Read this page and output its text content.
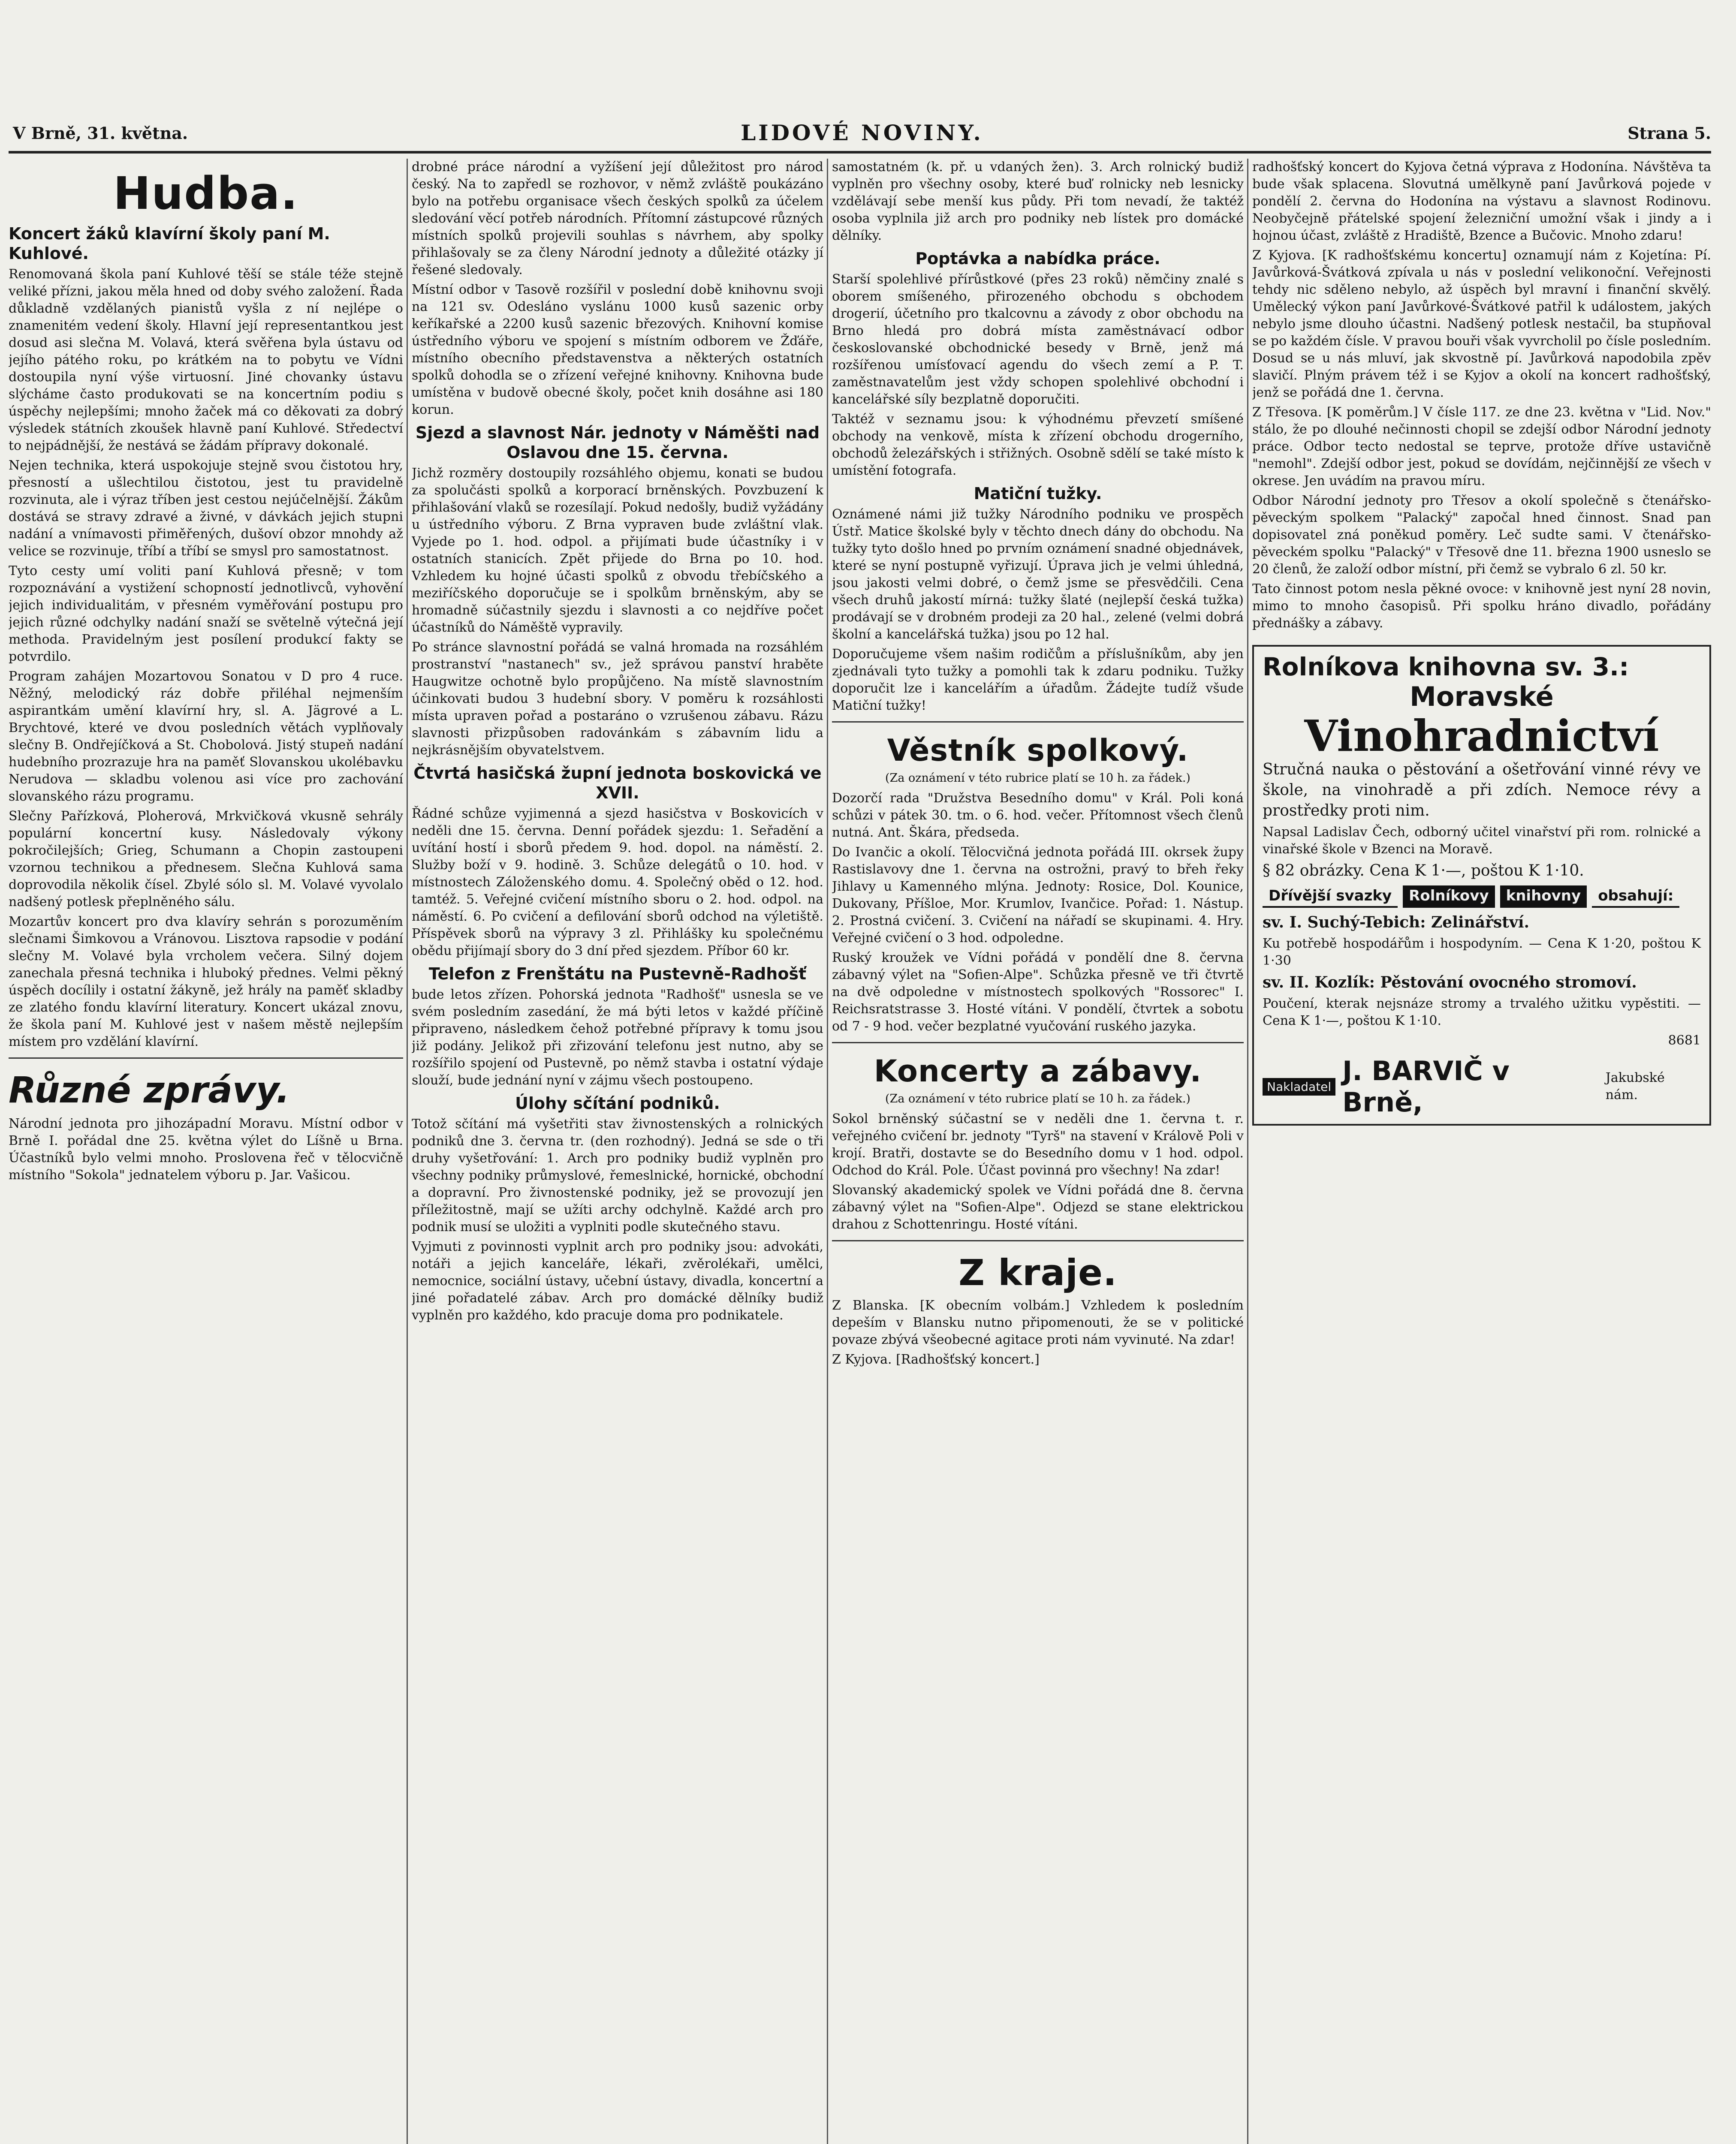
V Brně, 31. května.	LIDOVÉ NOVINY.	Strana 5.
Hudba.
Koncert žáků klavírní školy paní M. Kuhlové.

Renomovaná škola paní Kuhlové těší se stále téže stejně veliké přízni, jakou měla hned od doby svého založení. Řada důkladně vzdělaných pianistů vyšla z ní nejlépe o znamenitém vedení školy. Hlavní její representantkou jest dosud asi slečna M. Volavá, která svěřena byla ústavu od jejího pátého roku, po krátkém na to pobytu ve Vídni dostoupila nyní výše virtuosní. Jiné chovanky ústavu slýcháme často produkovati se na koncertním podiu s úspěchy nejlepšími; mnoho žaček má co děkovati za dobrý výsledek státních zkoušek hlavně paní Kuhlové. Středectví to nejpádnější, že nestává se žádám přípravy dokonalé.

Nejen technika, která uspokojuje stejně svou čistotou hry, přesností a ušlechtilou čistotou, jest tu pravidelně rozvinuta, ale i výraz tříben jest cestou nejúčelnější. Žákům dostává se stravy zdravé a živné, v dávkách jejich stupni nadání a vnímavosti přiměřených, dušoví obzor mnohdy až velice se rozvinuje, tříbí a tříbí se smysl pro samostatnost.

Tyto cesty umí voliti paní Kuhlová přesně; v tom rozpoznávání a vystižení schopností jednotlivců, vyhovění jejich individualitám, v přesném vyměřování postupu pro jejich různé odchylky nadání snaží se světelně výtečná její methoda. Pravidelným jest posílení produkcí fakty se potvrdilo.

Program zahájen Mozartovou Sonatou v D pro 4 ruce. Něžný, melodický ráz dobře přiléhal nejmenším aspirantkám umění klavírní hry, sl. A. Jägrové a L. Brychtové, které ve dvou posledních větách vyplňovaly slečny B. Ondřejíčková a St. Chobolová. Jistý stupeň nadání hudebního prozrazuje hra na paměť Slovanskou ukolébavku Nerudova — skladbu volenou asi více pro zachování slovanského rázu programu.

Slečny Pařízková, Ploherová, Mrkvičková vkusně sehrály populární koncertní kusy. Následovaly výkony pokročilejších; Grieg, Schumann a Chopin zastoupeni vzornou technikou a přednesem. Slečna Kuhlová sama doprovodila několik čísel. Zbylé sólo sl. M. Volavé vyvolalo nadšený potlesk přeplněného sálu.

Mozartův koncert pro dva klavíry sehrán s porozuměním slečnami Šimkovou a Vránovou. Lisztova rapsodie v podání slečny M. Volavé byla vrcholem večera. Silný dojem zanechala přesná technika i hluboký přednes. Velmi pěkný úspěch docílily i ostatní žákyně, jež hrály na paměť skladby ze zlatého fondu klavírní literatury. Koncert ukázal znovu, že škola paní M. Kuhlové jest v našem městě nejlepším místem pro vzdělání klavírní.

Různé zprávy.

Národní jednota pro jihozápadní Moravu. Místní odbor v Brně I. pořádal dne 25. května výlet do Líšně u Brna. Účastníků bylo velmi mnoho. Proslovena řeč v tělocvičně místního "Sokola" jednatelem výboru p. Jar. Vašicou.

drobné práce národní a vyžíšení její důležitost pro národ český. Na to zapředl se rozhovor, v němž zvláště poukázáno bylo na potřebu organisace všech českých spolků za účelem sledování věcí potřeb národních. Přítomní zástupcové různých místních spolků projevili souhlas s návrhem, aby spolky přihlašovaly se za členy Národní jednoty a důležité otázky jí řešené sledovaly.

Místní odbor v Tasově rozšířil v poslední době knihovnu svoji na 121 sv. Odesláno vyslánu 1000 kusů sazenic orby keříkařské a 2200 kusů sazenic březových. Knihovní komise ústředního výboru ve spojení s místním odborem ve Žďáře, místního obecního představenstva a některých ostatních spolků dohodla se o zřízení veřejné knihovny. Knihovna bude umístěna v budově obecné školy, počet knih dosáhne asi 180 korun.

Sjezd a slavnost Nár. jednoty v Náměšti nad Oslavou dne 15. června.

Jichž rozměry dostoupily rozsáhlého objemu, konati se budou za spolučásti spolků a korporací brněnských. Povzbuzení k přihlašování vlaků se rozesílají. Pokud nedošly, budiž vyžádány u ústředního výboru. Z Brna vypraven bude zvláštní vlak. Vyjede po 1. hod. odpol. a přijímati bude účastníky i v ostatních stanicích. Zpět přijede do Brna po 10. hod. Vzhledem ku hojné účasti spolků z obvodu třebíčského a meziříčského doporučuje se i spolkům brněnským, aby se hromadně súčastnily sjezdu i slavnosti a co nejdříve počet účastníků do Náměště vypravily.

Po stránce slavnostní pořádá se valná hromada na rozsáhlém prostranství "nastanech" sv., jež správou panství hraběte Haugwitze ochotně bylo propůjčeno. Na místě slavnostním účinkovati budou 3 hudební sbory. V poměru k rozsáhlosti místa upraven pořad a postaráno o vzrušenou zábavu. Rázu slavnosti přizpůsoben radovánkám s zábavním lidu a nejkrásnějším obyvatelstvem.

Čtvrtá hasičská župní jednota boskovická ve XVII.

Řádné schůze vyjimenná a sjezd hasičstva v Boskovicích v neděli dne 15. června. Denní pořádek sjezdu: 1. Seřadění a uvítání hostí i sborů předem 9. hod. dopol. na náměstí. 2. Služby boží v 9. hodině. 3. Schůze delegátů o 10. hod. v místnostech Záloženského domu. 4. Společný oběd o 12. hod. tamtéž. 5. Veřejné cvičení místního sboru o 2. hod. odpol. na náměstí. 6. Po cvičení a defilování sborů odchod na výletiště. Příspěvek sborů na výpravy 3 zl. Přihlášky ku společnému obědu přijímají sbory do 3 dní před sjezdem. Příbor 60 kr.

Telefon z Frenštátu na Pustevně-Radhošť

bude letos zřízen. Pohorská jednota "Radhošť" usnesla se ve svém posledním zasedání, že má býti letos v každé příčině připraveno, následkem čehož potřebné přípravy k tomu jsou již podány. Jelikož při zřizování telefonu jest nutno, aby se rozšířilo spojení od Pustevně, po němž stavba i ostatní výdaje slouží, bude jednání nyní v zájmu všech postoupeno.

Úlohy sčítání podniků.

Totož sčítání má vyšetřiti stav živnostenských a rolnických podniků dne 3. června tr. (den rozhodný). Jedná se sde o tři druhy vyšetřování: 1. Arch pro podniky budiž vyplněn pro všechny podniky průmyslové, řemeslnické, hornické, obchodní a dopravní. Pro živnostenské podniky, jež se provozují jen příležitostně, mají se užíti archy odchylně. Každé arch pro podnik musí se uložiti a vyplniti podle skutečného stavu.

Vyjmuti z povinnosti vyplnit arch pro podniky jsou: advokáti, notáři a jejich kanceláře, lékaři, zvěrolékaři, umělci, nemocnice, sociální ústavy, učební ústavy, divadla, koncertní a jiné pořadatelé zábav. Arch pro domácké dělníky budiž vyplněn pro každého, kdo pracuje doma pro podnikatele.

samostatném (k. př. u vdaných žen). 3. Arch rolnický budiž vyplněn pro všechny osoby, které buď rolnicky neb lesnicky vzdělávají sebe menší kus půdy. Při tom nevadí, že taktéž osoba vyplnila již arch pro podniky neb lístek pro domácké dělníky.

Poptávka a nabídka práce.

Starší spolehlivé přírůstkové (přes 23 roků) němčiny znalé s oborem smíšeného, přirozeného obchodu s obchodem drogerií, účetního pro tkalcovnu a závody z obor obchodu na Brno hledá pro dobrá místa zaměstnávací odbor českoslovanské obchodnické besedy v Brně, jenž má rozšířenou umísťovací agendu do všech zemí a P. T. zaměstnavatelům jest vždy schopen spolehlivé obchodní i kancelářské síly bezplatně doporučiti.

Taktéž v seznamu jsou: k výhodnému převzetí smíšené obchody na venkově, místa k zřízení obchodu drogerního, obchodů železářských i střižných. Osobně sdělí se také místo k umístění fotografa.

Matiční tužky.

Oznámené námi již tužky Národního podniku ve prospěch Ústř. Matice školské byly v těchto dnech dány do obchodu. Na tužky tyto došlo hned po prvním oznámení snadné objednávek, které se nyní postupně vyřizují. Úprava jich je velmi úhledná, jsou jakosti velmi dobré, o čemž jsme se přesvědčili. Cena všech druhů jakostí mírná: tužky šlaté (nejlepší česká tužka) prodávají se v drobném prodeji za 20 hal., zelené (velmi dobrá školní a kancelářská tužka) jsou po 12 hal.

Doporučujeme všem našim rodičům a příslušníkům, aby jen zjednávali tyto tužky a pomohli tak k zdaru podniku. Tužky doporučit lze i kancelářím a úřadům. Žádejte tudíž všude Matiční tužky!

Věstník spolkový.
(Za oznámení v této rubrice platí se 10 h. za řádek.)

Dozorčí rada "Družstva Besedního domu" v Král. Poli koná schůzi v pátek 30. tm. o 6. hod. večer. Přítomnost všech členů nutná. Ant. Škára, předseda.

Do Ivančic a okolí. Tělocvičná jednota pořádá III. okrsek župy Rastislavovy dne 1. června na ostrožni, pravý to břeh řeky Jihlavy u Kamenného mlýna. Jednoty: Rosice, Dol. Kounice, Dukovany, Příšloe, Mor. Krumlov, Ivančice. Pořad: 1. Nástup. 2. Prostná cvičení. 3. Cvičení na nářadí se skupinami. 4. Hry. Veřejné cvičení o 3 hod. odpoledne.

Ruský kroužek ve Vídni pořádá v pondělí dne 8. června zábavný výlet na "Sofien-Alpe". Schůzka přesně ve tři čtvrtě na dvě odpoledne v místnostech spolkových "Rossorec" I. Reichsratstrasse 3. Hosté vítáni. V pondělí, čtvrtek a sobotu od 7 - 9 hod. večer bezplatné vyučování ruského jazyka.

Koncerty a zábavy.
(Za oznámení v této rubrice platí se 10 h. za řádek.)

Sokol brněnský súčastní se v neděli dne 1. června t. r. veřejného cvičení br. jednoty "Tyrš" na stavení v Králově Poli v krojí. Bratři, dostavte se do Besedního domu v 1 hod. odpol. Odchod do Král. Pole. Účast povinná pro všechny! Na zdar!

Slovanský akademický spolek ve Vídni pořádá dne 8. června zábavný výlet na "Sofien-Alpe". Odjezd se stane elektrickou drahou z Schottenringu. Hosté vítáni.

Z kraje.

Z Blanska. [K obecním volbám.] Vzhledem k posledním depeším v Blansku nutno připomenouti, že se v politické povaze zbývá všeobecné agitace proti nám vyvinuté. Na zdar!

Z Kyjova. [Radhošťský koncert.]

radhošťský koncert do Kyjova četná výprava z Hodonína. Návštěva ta bude však splacena. Slovutná umělkyně paní Javůrková pojede v pondělí 2. června do Hodonína na výstavu a slavnost Rodinovu. Neobyčejně přátelské spojení železniční umožní však i jindy a i hojnou účast, zvláště z Hradiště, Bzence a Bučovic. Mnoho zdaru!

Z Kyjova. [K radhošťskému koncertu] oznamují nám z Kojetína: Pí. Javůrková-Švátková zpívala u nás v poslední velikonoční. Veřejnosti tehdy nic sděleno nebylo, až úspěch byl mravní i finanční skvělý. Umělecký výkon paní Javůrkové-Švátkové patřil k událostem, jakých nebylo jsme dlouho účastni. Nadšený potlesk nestačil, ba stupňoval se po každém čísle. V pravou bouři však vyvrcholil po čísle posledním. Dosud se u nás mluví, jak skvostně pí. Javůrková napodobila zpěv slavičí. Plným právem též i se Kyjov a okolí na koncert radhošťský, jenž se pořádá dne 1. června.

Z Třesova. [K poměrům.] V čísle 117. ze dne 23. května v "Lid. Nov." stálo, že po dlouhé nečinnosti chopil se zdejší odbor Národní jednoty práce. Odbor tecto nedostal se teprve, protože dříve ustavičně "nemohl". Zdejší odbor jest, pokud se dovídám, nejčinnější ze všech v okrese. Jen uvádím na pravou míru.

Odbor Národní jednoty pro Třesov a okolí společně s čtenářsko-pěveckým spolkem "Palacký" započal hned činnost. Snad pan dopisovatel zná poněkud poměry. Leč sudte sami. V čtenářsko-pěveckém spolku "Palacký" v Třesově dne 11. března 1900 usneslo se 20 členů, že založí odbor místní, při čemž se vybralo 6 zl. 50 kr.

Tato činnost potom nesla pěkné ovoce: v knihovně jest nyní 28 novin, mimo to mnoho časopisů. Při spolku hráno divadlo, pořádány přednášky a zábavy.

Rolníkova knihovna sv. 3.:
Moravské
Vinohradnictví

Stručná nauka o pěstování a ošetřování vinné révy ve škole, na vinohradě a při zdích. Nemoce révy a prostředky proti nim.

Napsal Ladislav Čech, odborný učitel vinařství při rom. rolnické a vinařské škole v Bzenci na Moravě.

§ 82 obrázky. Cena K 1·—, poštou K 1·10.

Dřívější svazky	Rolníkovy	knihovny	obsahují:

sv. I. Suchý-Tebich: Zelinářství.

Ku potřebě hospodářům i hospodyním. — Cena K 1·20, poštou K 1·30

sv. II. Kozlík: Pěstování ovocného stromoví.

Poučení, kterak nejsnáze stromy a trvalého užitku vypěstiti. — Cena K 1·—, poštou K 1·10.

8681

Nakladatel J. BARVIČ v Brně,
Jakubské nám.
